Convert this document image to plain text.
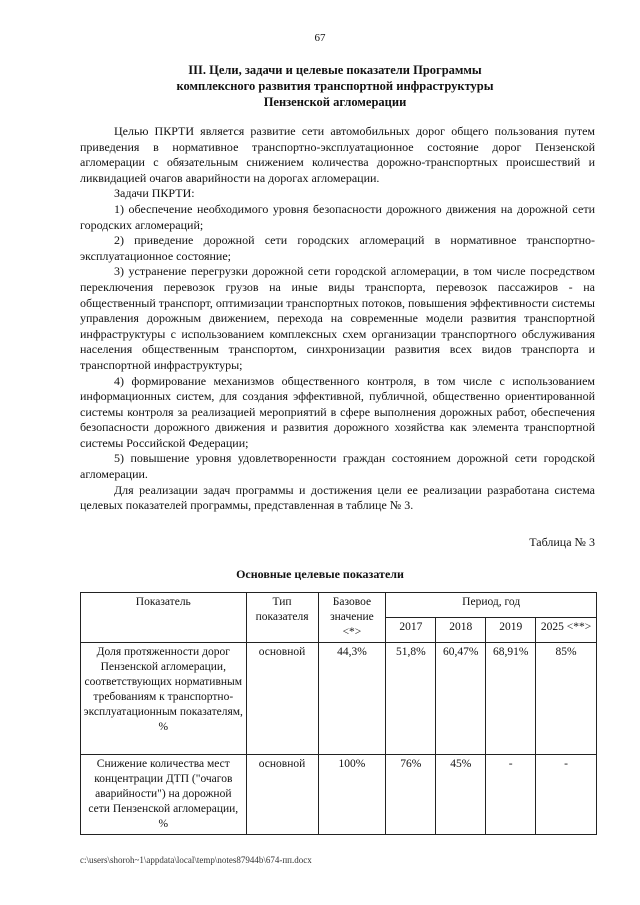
67
III. Цели, задачи и целевые показатели Программы
комплексного развития транспортной инфраструктуры
Пензенской агломерации

Целью ПКРТИ является развитие сети автомобильных дорог общего пользования путем приведения в нормативное транспортно-эксплуатационное состояние дорог Пензенской агломерации с обязательным снижением количества дорожно-транспортных происшествий и ликвидацией очагов аварийности на дорогах агломерации.

Задачи ПКРТИ:

1) обеспечение необходимого уровня безопасности дорожного движения на дорожной сети городских агломераций;

2) приведение дорожной сети городских агломераций в нормативное транспортно-эксплуатационное состояние;

3) устранение перегрузки дорожной сети городской агломерации, в том числе посредством переключения перевозок грузов на иные виды транспорта, перевозок пассажиров - на общественный транспорт, оптимизации транспортных потоков, повышения эффективности системы управления дорожным движением, перехода на современные модели развития транспортной инфраструктуры с использованием комплексных схем организации транспортного обслуживания населения общественным транспортом, синхронизации развития всех видов транспорта и транспортной инфраструктуры;

4) формирование механизмов общественного контроля, в том числе с использованием информационных систем, для создания эффективной, публичной, общественно ориентированной системы контроля за реализацией мероприятий в сфере выполнения дорожных работ, обеспечения безопасности дорожного движения и развития дорожного хозяйства как элемента транспортной системы Российской Федерации;

5) повышение уровня удовлетворенности граждан состоянием дорожной сети городской агломерации.

Для реализации задач программы и достижения цели ее реализации разработана система целевых показателей программы, представленная в таблице № 3.

Таблица № 3
Основные целевые показатели
Показатель	Тип показателя	Базовое значение <*>	Период, год			
			2017	2018	2019	2025 <**>
Доля протяженности дорог Пензенской агломерации, соответствующих нормативным требованиям к транспортно-эксплуатационным показателям, %	основной	44,3%	51,8%	60,47%	68,91%	85%
Снижение количества мест концентрации ДТП ("очагов аварийности") на дорожной сети Пензенской агломерации, %	основной	100%	76%	45%	-	-
c:\users\shoroh~1\appdata\local\temp\notes87944b\674-пп.docx
